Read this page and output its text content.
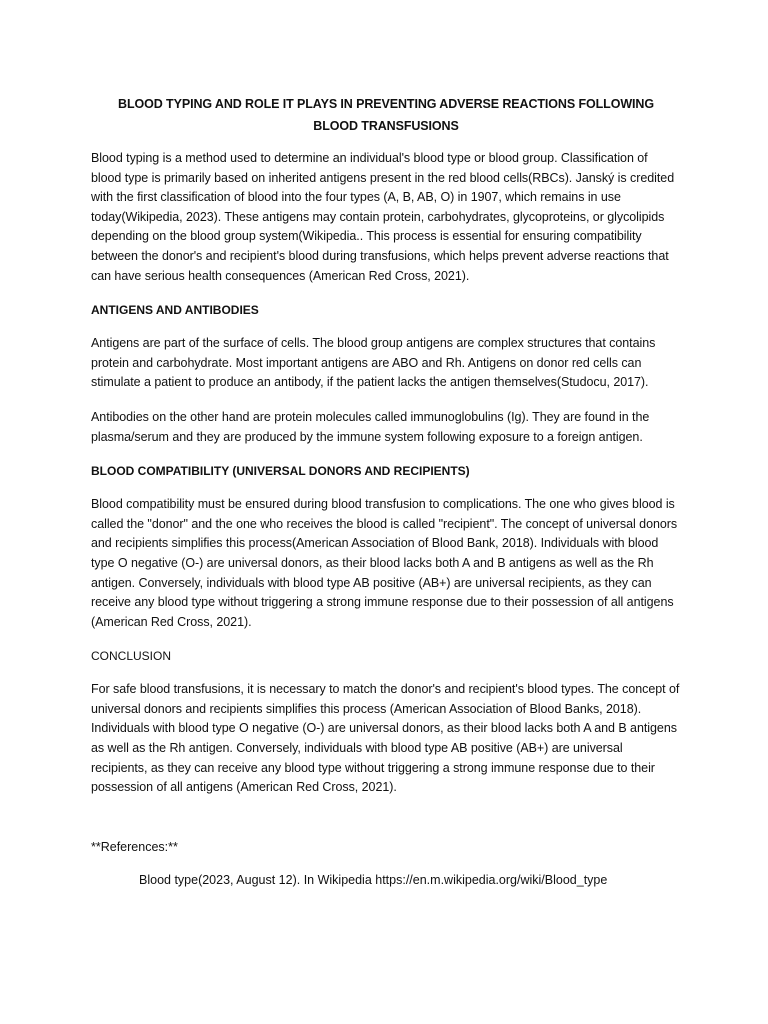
BLOOD TYPING AND ROLE IT PLAYS IN PREVENTING ADVERSE REACTIONS FOLLOWING
BLOOD TRANSFUSIONS

Blood typing is a method used to determine an individual's blood type or blood group. Classification of blood type is primarily based on inherited antigens present in the red blood cells(RBCs). Janský is credited with the first classification of blood into the four types (A, B, AB, O) in 1907, which remains in use today(Wikipedia, 2023). These antigens may contain protein, carbohydrates, glycoproteins, or glycolipids depending on the blood group system(Wikipedia.. This process is essential for ensuring compatibility between the donor's and recipient's blood during transfusions, which helps prevent adverse reactions that can have serious health consequences (American Red Cross, 2021).

ANTIGENS AND ANTIBODIES

Antigens are part of the surface of cells. The blood group antigens are complex structures that contains protein and carbohydrate. Most important antigens are ABO and Rh. Antigens on donor red cells can stimulate a patient to produce an antibody, if the patient lacks the antigen themselves(Studocu, 2017).

Antibodies on the other hand are protein molecules called immunoglobulins (Ig). They are found in the plasma/serum and they are produced by the immune system following exposure to a foreign antigen.

BLOOD COMPATIBILITY (UNIVERSAL DONORS AND RECIPIENTS)

Blood compatibility must be ensured during blood transfusion to complications. The one who gives blood is called the "donor" and the one who receives the blood is called "recipient". The concept of universal donors and recipients simplifies this process(American Association of Blood Bank, 2018). Individuals with blood type O negative (O-) are universal donors, as their blood lacks both A and B antigens as well as the Rh antigen. Conversely, individuals with blood type AB positive (AB+) are universal recipients, as they can receive any blood type without triggering a strong immune response due to their possession of all antigens (American Red Cross, 2021).

CONCLUSION

For safe blood transfusions, it is necessary to match the donor's and recipient's blood types. The concept of universal donors and recipients simplifies this process (American Association of Blood Banks, 2018). Individuals with blood type O negative (O-) are universal donors, as their blood lacks both A and B antigens as well as the Rh antigen. Conversely, individuals with blood type AB positive (AB+) are universal recipients, as they can receive any blood type without triggering a strong immune response due to their possession of all antigens (American Red Cross, 2021).

**References:**

Blood type(2023, August 12). In Wikipedia https://en.m.wikipedia.org/wiki/Blood_type
